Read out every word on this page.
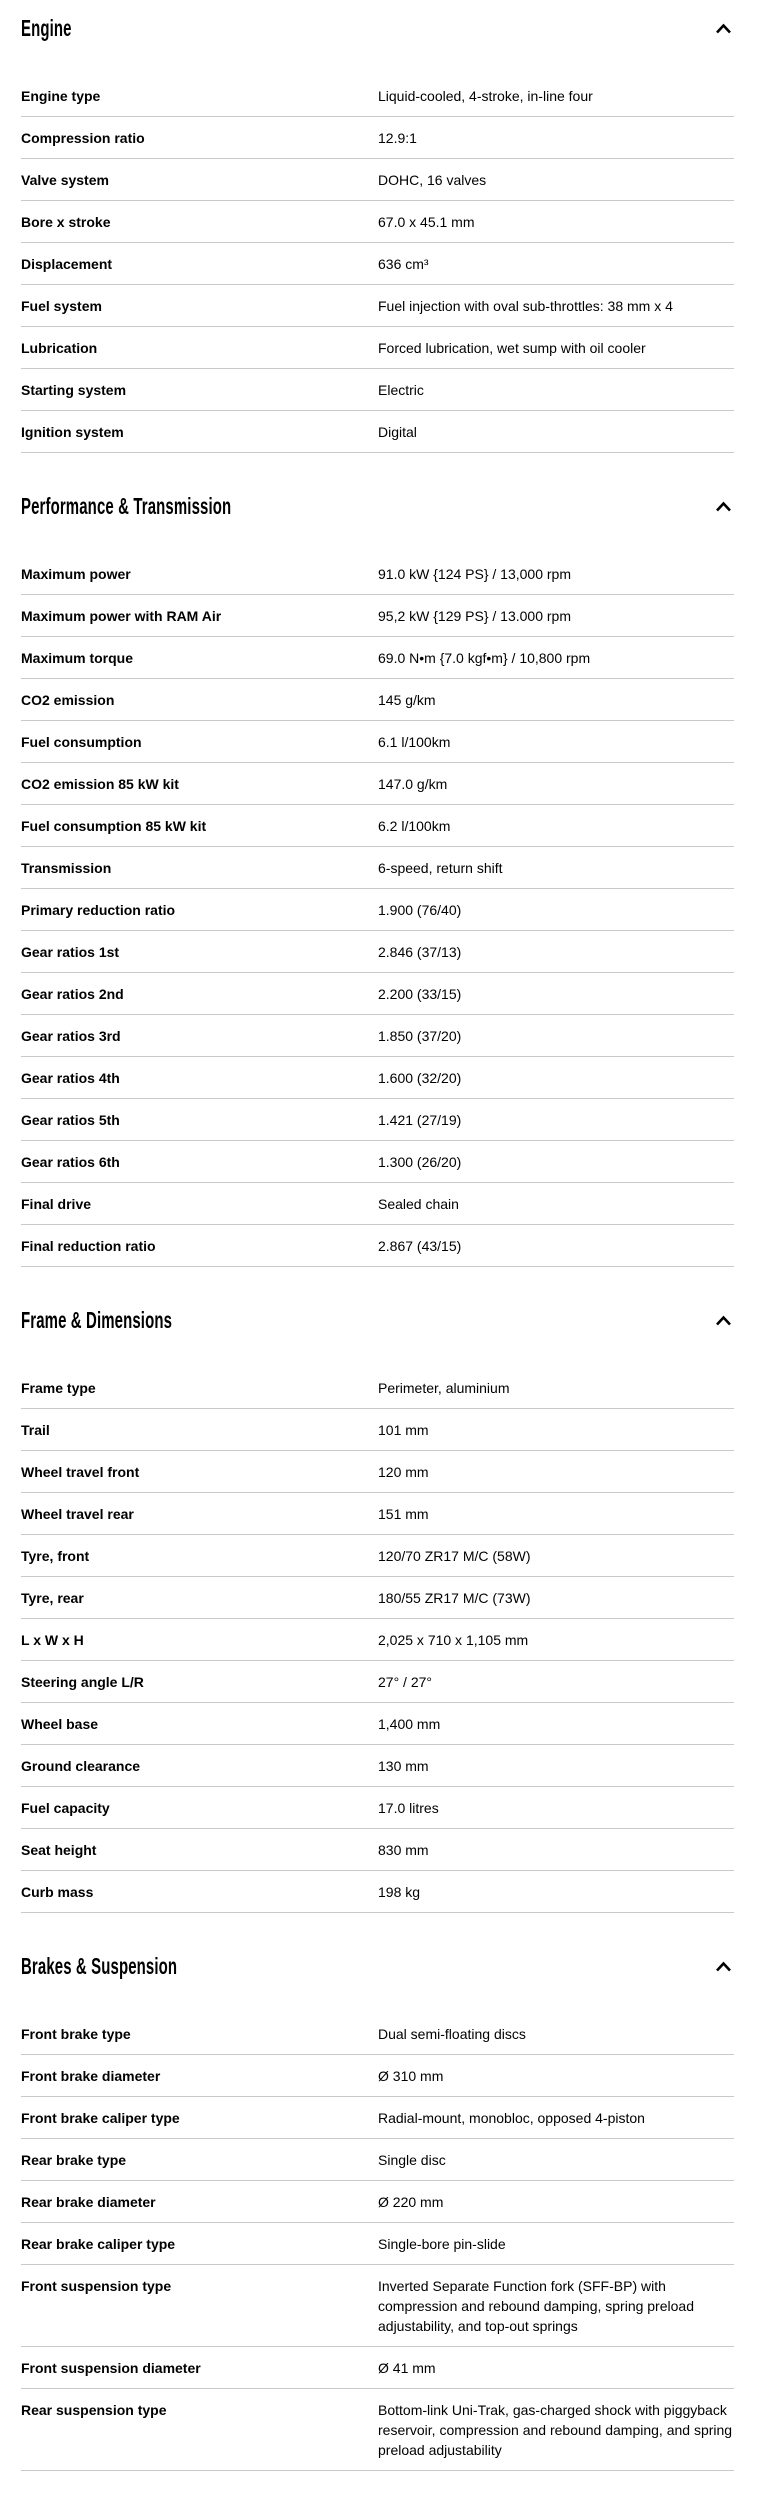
Engine
Engine type	Liquid-cooled, 4-stroke, in-line four
Compression ratio	12.9:1
Valve system	DOHC, 16 valves
Bore x stroke	67.0 x 45.1 mm
Displacement	636 cm³
Fuel system	Fuel injection with oval sub-throttles: 38 mm x 4
Lubrication	Forced lubrication, wet sump with oil cooler
Starting system	Electric
Ignition system	Digital
Performance & Transmission
Maximum power	91.0 kW {124 PS} / 13,000 rpm
Maximum power with RAM Air	95,2 kW {129 PS} / 13.000 rpm
Maximum torque	69.0 N•m {7.0 kgf•m} / 10,800 rpm
CO2 emission	145 g/km
Fuel consumption	6.1 l/100km
CO2 emission 85 kW kit	147.0 g/km
Fuel consumption 85 kW kit	6.2 l/100km
Transmission	6-speed, return shift
Primary reduction ratio	1.900 (76/40)
Gear ratios 1st	2.846 (37/13)
Gear ratios 2nd	2.200 (33/15)
Gear ratios 3rd	1.850 (37/20)
Gear ratios 4th	1.600 (32/20)
Gear ratios 5th	1.421 (27/19)
Gear ratios 6th	1.300 (26/20)
Final drive	Sealed chain
Final reduction ratio	2.867 (43/15)
Frame & Dimensions
Frame type	Perimeter, aluminium
Trail	101 mm
Wheel travel front	120 mm
Wheel travel rear	151 mm
Tyre, front	120/70 ZR17 M/C (58W)
Tyre, rear	180/55 ZR17 M/C (73W)
L x W x H	2,025 x 710 x 1,105 mm
Steering angle L/R	27° / 27°
Wheel base	1,400 mm
Ground clearance	130 mm
Fuel capacity	17.0 litres
Seat height	830 mm
Curb mass	198 kg
Brakes & Suspension
Front brake type	Dual semi-floating discs
Front brake diameter	Ø 310 mm
Front brake caliper type	Radial-mount, monobloc, opposed 4-piston
Rear brake type	Single disc
Rear brake diameter	Ø 220 mm
Rear brake caliper type	Single-bore pin-slide
Front suspension type	Inverted Separate Function fork (SFF-BP) with compression and rebound damping, spring preload adjustability, and top-out springs
Front suspension diameter	Ø 41 mm
Rear suspension type	Bottom-link Uni-Trak, gas-charged shock with piggyback reservoir, compression and rebound damping, and spring preload adjustability
